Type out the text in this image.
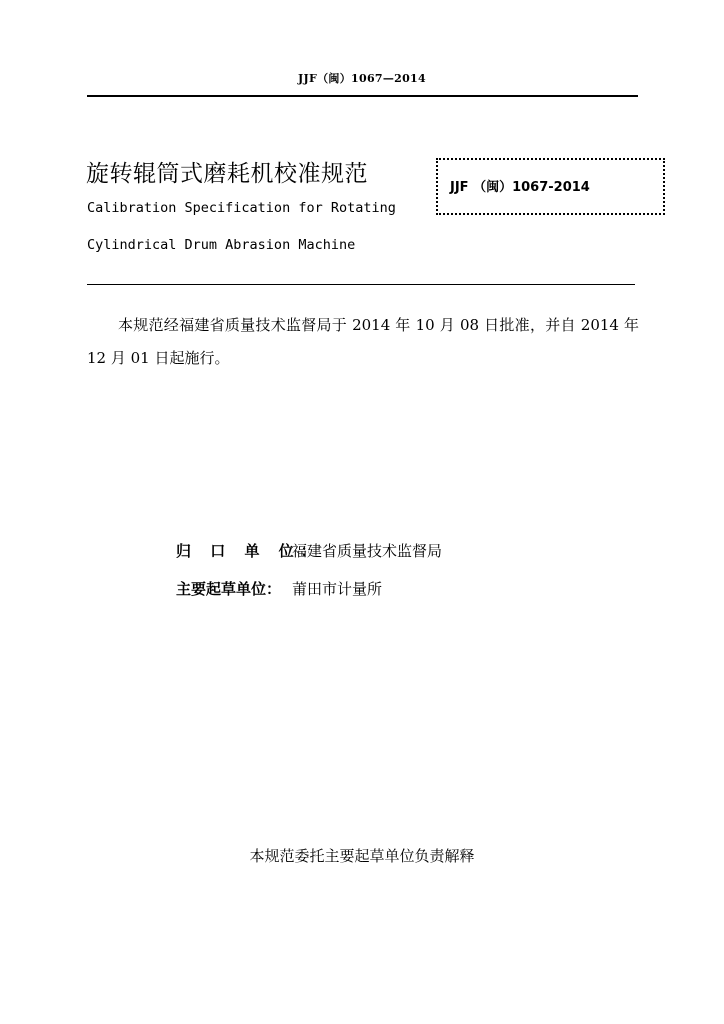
JJF（闽）1067—2014
旋转辊筒式磨耗机校准规范
Calibration Specification for Rotating
Cylindrical Drum Abrasion Machine
JJF （闽）1067-2014
本规范经福建省质量技术监督局于 2014 年 10 月 08 日批准，并自 2014 年 12 月 01 日起施行。
归 口 单 位：福建省质量技术监督局
主要起草单位： 莆田市计量所
本规范委托主要起草单位负责解释
